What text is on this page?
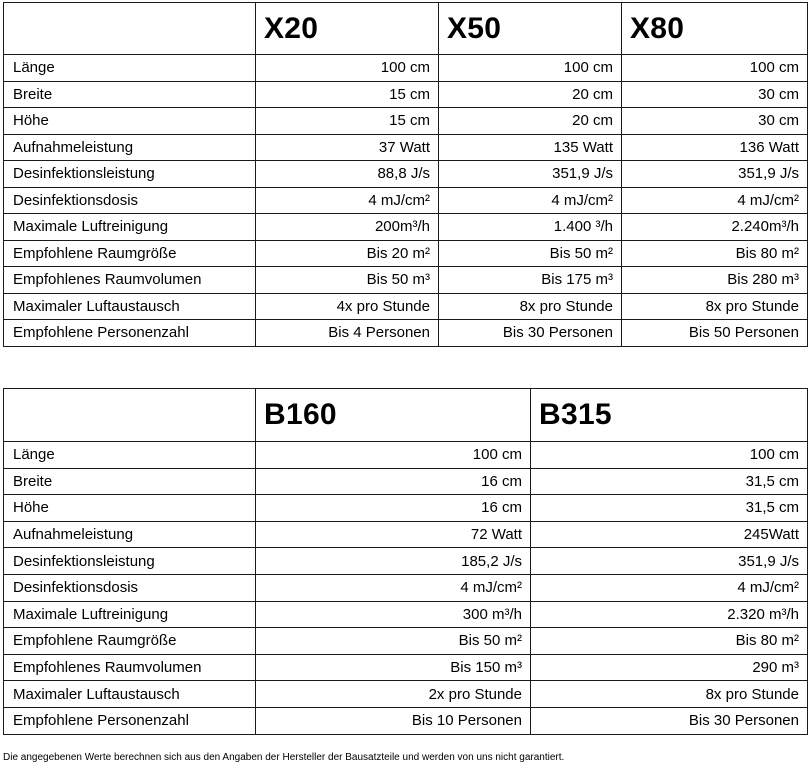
	X20	X50	X80
Länge	100 cm	100 cm	100 cm
Breite	15 cm	20 cm	30 cm
Höhe	15 cm	20 cm	30 cm
Aufnahmeleistung	37 Watt	135 Watt	136 Watt
Desinfektionsleistung	88,8 J/s	351,9 J/s	351,9 J/s
Desinfektionsdosis	4 mJ/cm²	4 mJ/cm²	4 mJ/cm²
Maximale Luftreinigung	200m³/h	1.400 ³/h	2.240m³/h
Empfohlene Raumgröße	Bis 20 m²	Bis 50 m²	Bis 80 m²
Empfohlenes Raumvolumen	Bis 50 m³	Bis 175 m³	Bis 280 m³
Maximaler Luftaustausch	4x pro Stunde	8x pro Stunde	8x pro Stunde
Empfohlene Personenzahl	Bis 4 Personen	Bis 30 Personen	Bis 50 Personen
	B160	B315
Länge	100 cm	100 cm
Breite	16 cm	31,5 cm
Höhe	16 cm	31,5 cm
Aufnahmeleistung	72 Watt	245Watt
Desinfektionsleistung	185,2 J/s	351,9 J/s
Desinfektionsdosis	4 mJ/cm²	4 mJ/cm²
Maximale Luftreinigung	300 m³/h	2.320 m³/h
Empfohlene Raumgröße	Bis 50 m²	Bis 80 m²
Empfohlenes Raumvolumen	Bis 150 m³	290 m³
Maximaler Luftaustausch	2x pro Stunde	8x pro Stunde
Empfohlene Personenzahl	Bis 10 Personen	Bis 30 Personen
Die angegebenen Werte berechnen sich aus den Angaben der Hersteller der Bausatzteile und werden von uns nicht garantiert.
